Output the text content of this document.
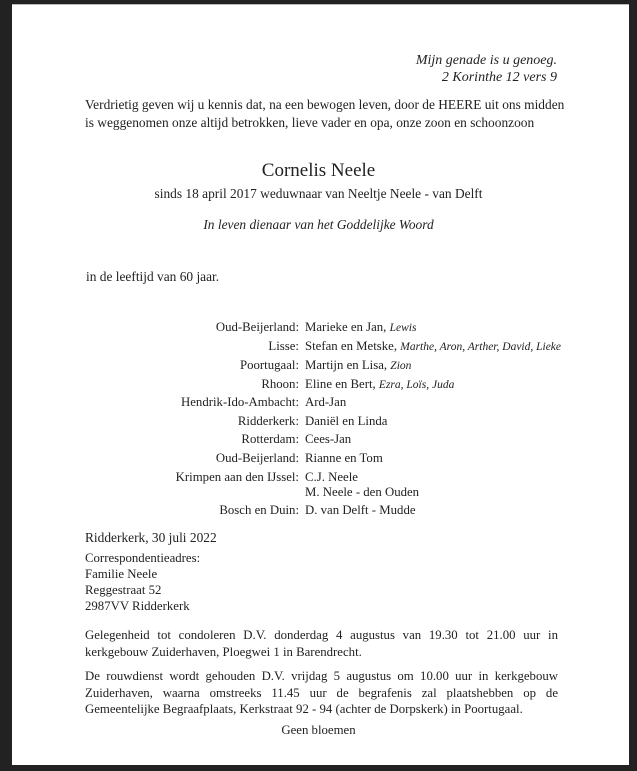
Mijn genade is u genoeg.
2 Korinthe 12 vers 9
Verdrietig geven wij u kennis dat, na een bewogen leven, door de HEERE uit ons midden
is weggenomen onze altijd betrokken, lieve vader en opa, onze zoon en schoonzoon
Cornelis Neele
sinds 18 april 2017 weduwnaar van Neeltje Neele - van Delft
In leven dienaar van het Goddelijke Woord
in de leeftijd van 60 jaar.
Oud-Beijerland: Marieke en Jan, Lewis
Lisse: Stefan en Metske, Marthe, Aron, Arther, David, Lieke
Poortugaal: Martijn en Lisa, Zion
Rhoon: Eline en Bert, Ezra, Loïs, Juda
Hendrik-Ido-Ambacht: Ard-Jan
Ridderkerk: Daniël en Linda
Rotterdam: Cees-Jan
Oud-Beijerland: Rianne en Tom
Krimpen aan den IJssel: C.J. Neele
M. Neele - den Ouden
Bosch en Duin: D. van Delft - Mudde
Ridderkerk, 30 juli 2022
Correspondentieadres:
Familie Neele
Reggestraat 52
2987VV Ridderkerk
Gelegenheid tot condoleren D.V. donderdag 4 augustus van 19.30 tot 21.00 uur in kerkgebouw Zuiderhaven, Ploegwei 1 in Barendrecht.
De rouwdienst wordt gehouden D.V. vrijdag 5 augustus om 10.00 uur in kerkgebouw Zuiderhaven, waarna omstreeks 11.45 uur de begrafenis zal plaatshebben op de Gemeentelijke Begraafplaats, Kerkstraat 92 - 94 (achter de Dorpskerk) in Poortugaal.
Geen bloemen
